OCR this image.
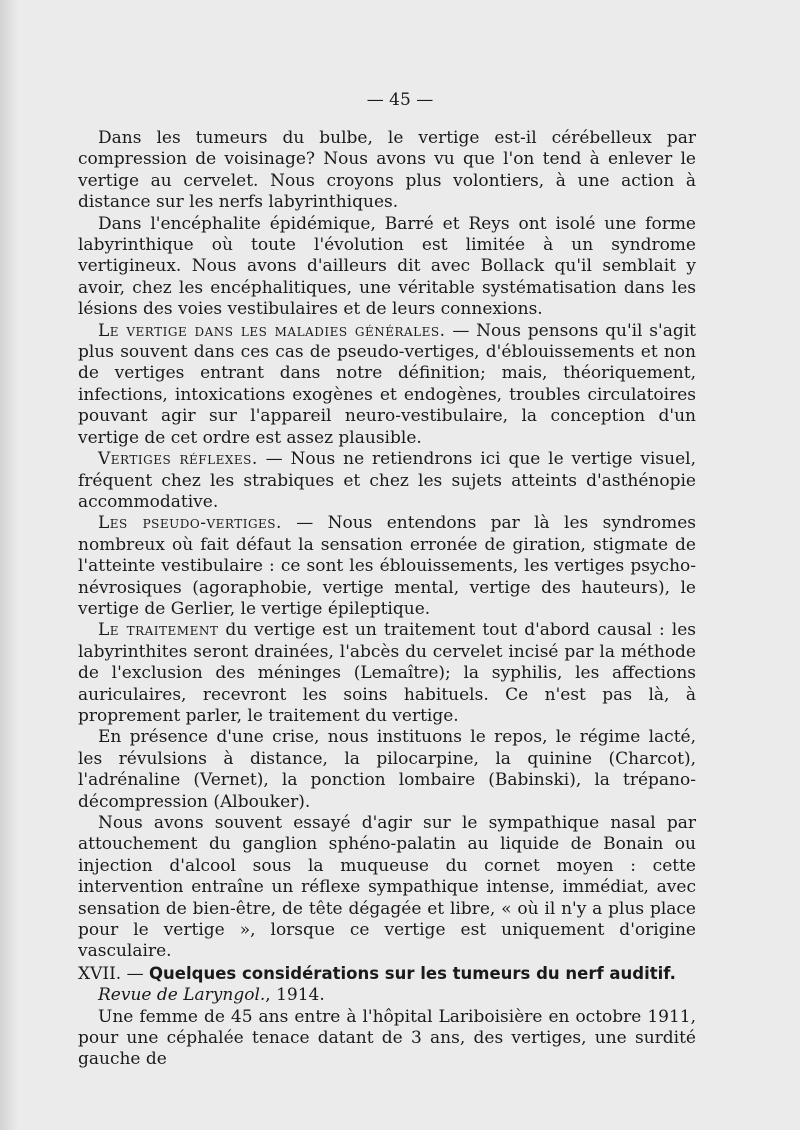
— 45 —

Dans les tumeurs du bulbe, le vertige est-il cérébelleux par compression de voisinage? Nous avons vu que l'on tend à enlever le vertige au cervelet. Nous croyons plus volontiers, à une action à distance sur les nerfs labyrinthiques.

Dans l'encéphalite épidémique, Barré et Reys ont isolé une forme labyrinthique où toute l'évolution est limitée à un syndrome vertigineux. Nous avons d'ailleurs dit avec Bollack qu'il semblait y avoir, chez les encéphalitiques, une véritable systématisation dans les lésions des voies vestibulaires et de leurs connexions.

Le vertige dans les maladies générales. — Nous pensons qu'il s'agit plus souvent dans ces cas de pseudo-vertiges, d'éblouissements et non de vertiges entrant dans notre définition; mais, théoriquement, infections, intoxications exogènes et endogènes, troubles circulatoires pouvant agir sur l'appareil neuro-vestibulaire, la conception d'un vertige de cet ordre est assez plausible.

Vertiges réflexes. — Nous ne retiendrons ici que le vertige visuel, fréquent chez les strabiques et chez les sujets atteints d'asthénopie accommodative.

Les pseudo-vertiges. — Nous entendons par là les syndromes nombreux où fait défaut la sensation erronée de giration, stigmate de l'atteinte vestibulaire : ce sont les éblouissements, les vertiges psycho-névrosiques (agoraphobie, vertige mental, vertige des hauteurs), le vertige de Gerlier, le vertige épileptique.

Le traitement du vertige est un traitement tout d'abord causal : les labyrinthites seront drainées, l'abcès du cervelet incisé par la méthode de l'exclusion des méninges (Lemaître); la syphilis, les affections auriculaires, recevront les soins habituels. Ce n'est pas là, à proprement parler, le traitement du vertige.

En présence d'une crise, nous instituons le repos, le régime lacté, les révulsions à distance, la pilocarpine, la quinine (Charcot), l'adrénaline (Vernet), la ponction lombaire (Babinski), la trépano-décompression (Albouker).

Nous avons souvent essayé d'agir sur le sympathique nasal par attouchement du ganglion sphéno-palatin au liquide de Bonain ou injection d'alcool sous la muqueuse du cornet moyen : cette intervention entraîne un réflexe sympathique intense, immédiat, avec sensation de bien-être, de tête dégagée et libre, « où il n'y a plus place pour le vertige », lorsque ce vertige est uniquement d'origine vasculaire.

XVII. — Quelques considérations sur les tumeurs du nerf auditif.

Revue de Laryngol., 1914.

Une femme de 45 ans entre à l'hôpital Lariboisière en octobre 1911, pour une céphalée tenace datant de 3 ans, des vertiges, une surdité gauche de
